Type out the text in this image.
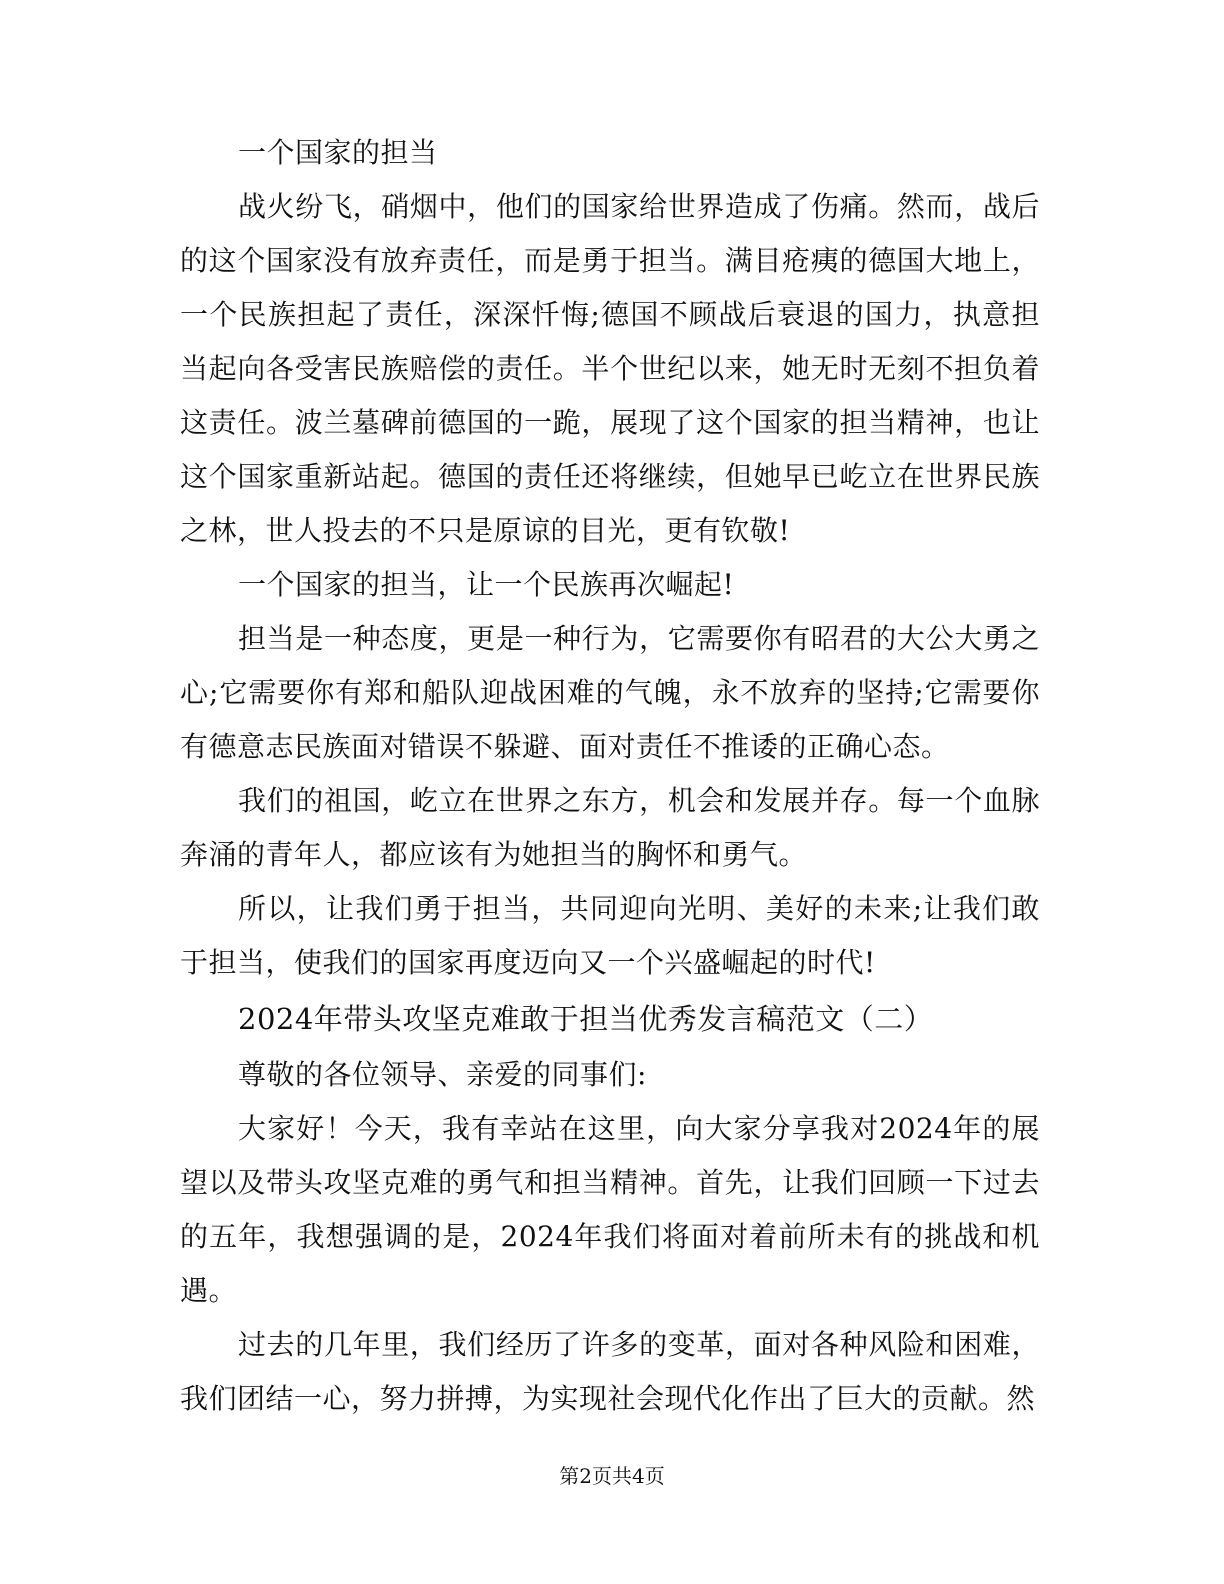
一个国家的担当

战火纷飞，硝烟中，他们的国家给世界造成了伤痛。然而，战后的这个国家没有放弃责任，而是勇于担当。满目疮痍的德国大地上，一个民族担起了责任，深深忏悔;德国不顾战后衰退的国力，执意担当起向各受害民族赔偿的责任。半个世纪以来，她无时无刻不担负着这责任。波兰墓碑前德国的一跪，展现了这个国家的担当精神，也让这个国家重新站起。德国的责任还将继续，但她早已屹立在世界民族之林，世人投去的不只是原谅的目光，更有钦敬!

一个国家的担当，让一个民族再次崛起!

担当是一种态度，更是一种行为，它需要你有昭君的大公大勇之心;它需要你有郑和船队迎战困难的气魄，永不放弃的坚持;它需要你有德意志民族面对错误不躲避、面对责任不推诿的正确心态。

我们的祖国，屹立在世界之东方，机会和发展并存。每一个血脉奔涌的青年人，都应该有为她担当的胸怀和勇气。

所以，让我们勇于担当，共同迎向光明、美好的未来;让我们敢于担当，使我们的国家再度迈向又一个兴盛崛起的时代!

2024年带头攻坚克难敢于担当优秀发言稿范文（二）

尊敬的各位领导、亲爱的同事们:

大家好！今天，我有幸站在这里，向大家分享我对2024年的展望以及带头攻坚克难的勇气和担当精神。首先，让我们回顾一下过去的五年，我想强调的是，2024年我们将面对着前所未有的挑战和机遇。

过去的几年里，我们经历了许多的变革，面对各种风险和困难，我们团结一心，努力拼搏，为实现社会现代化作出了巨大的贡献。然

第2页共4页
